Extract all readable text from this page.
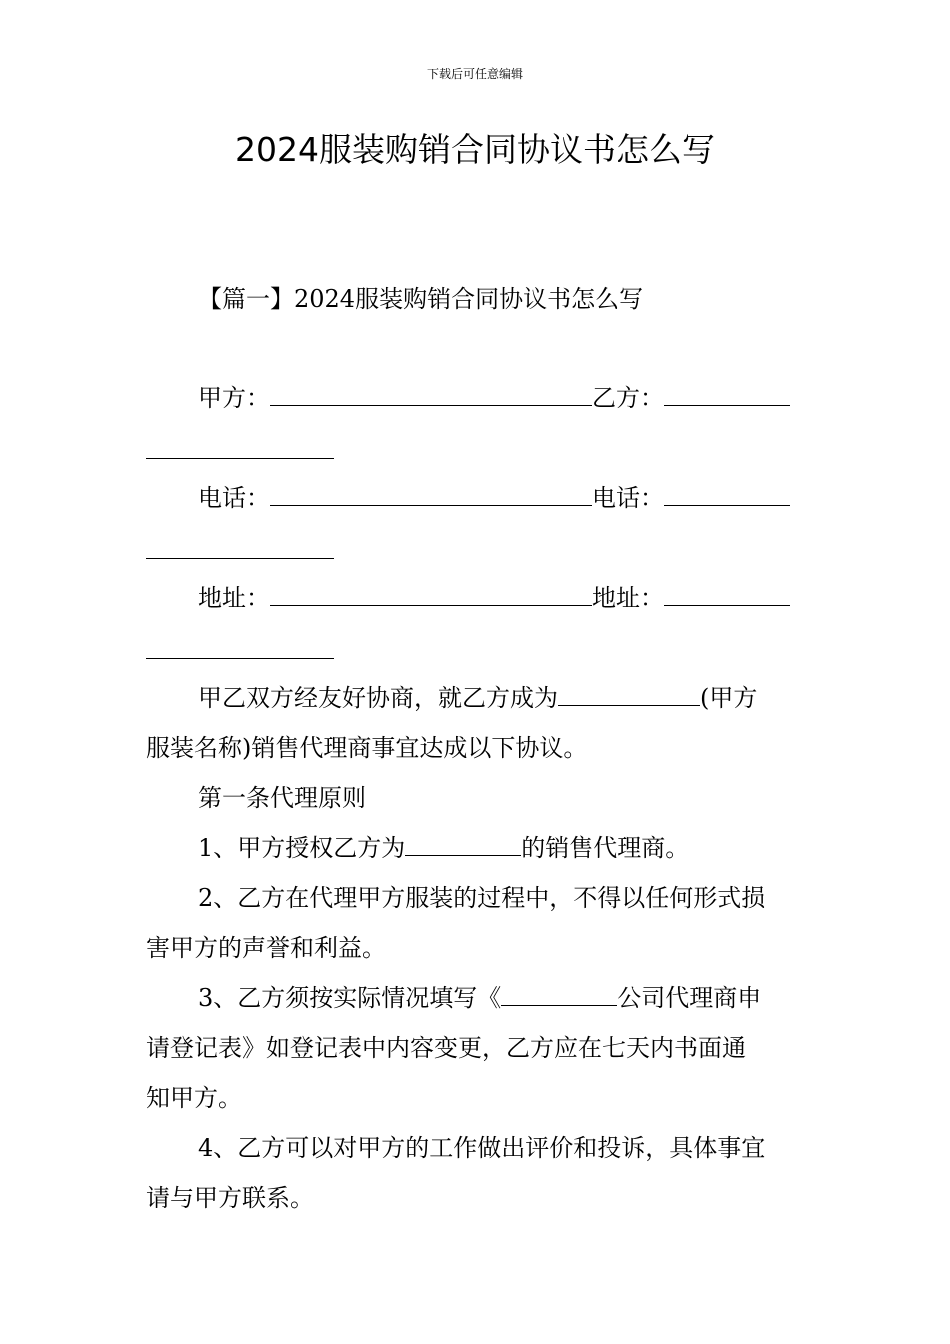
下载后可任意编辑
2024服装购销合同协议书怎么写
【篇一】2024服装购销合同协议书怎么写
甲方：	乙方：
电话：	电话：
地址：	地址：
甲乙双方经友好协商，就乙方成为	(甲方
服装名称)销售代理商事宜达成以下协议。
第一条代理原则
1、甲方授权乙方为	的销售代理商。
2、乙方在代理甲方服装的过程中，不得以任何形式损
害甲方的声誉和利益。
3、乙方须按实际情况填写《	公司代理商申
请登记表》如登记表中内容变更，乙方应在七天内书面通
知甲方。
4、乙方可以对甲方的工作做出评价和投诉，具体事宜
请与甲方联系。
